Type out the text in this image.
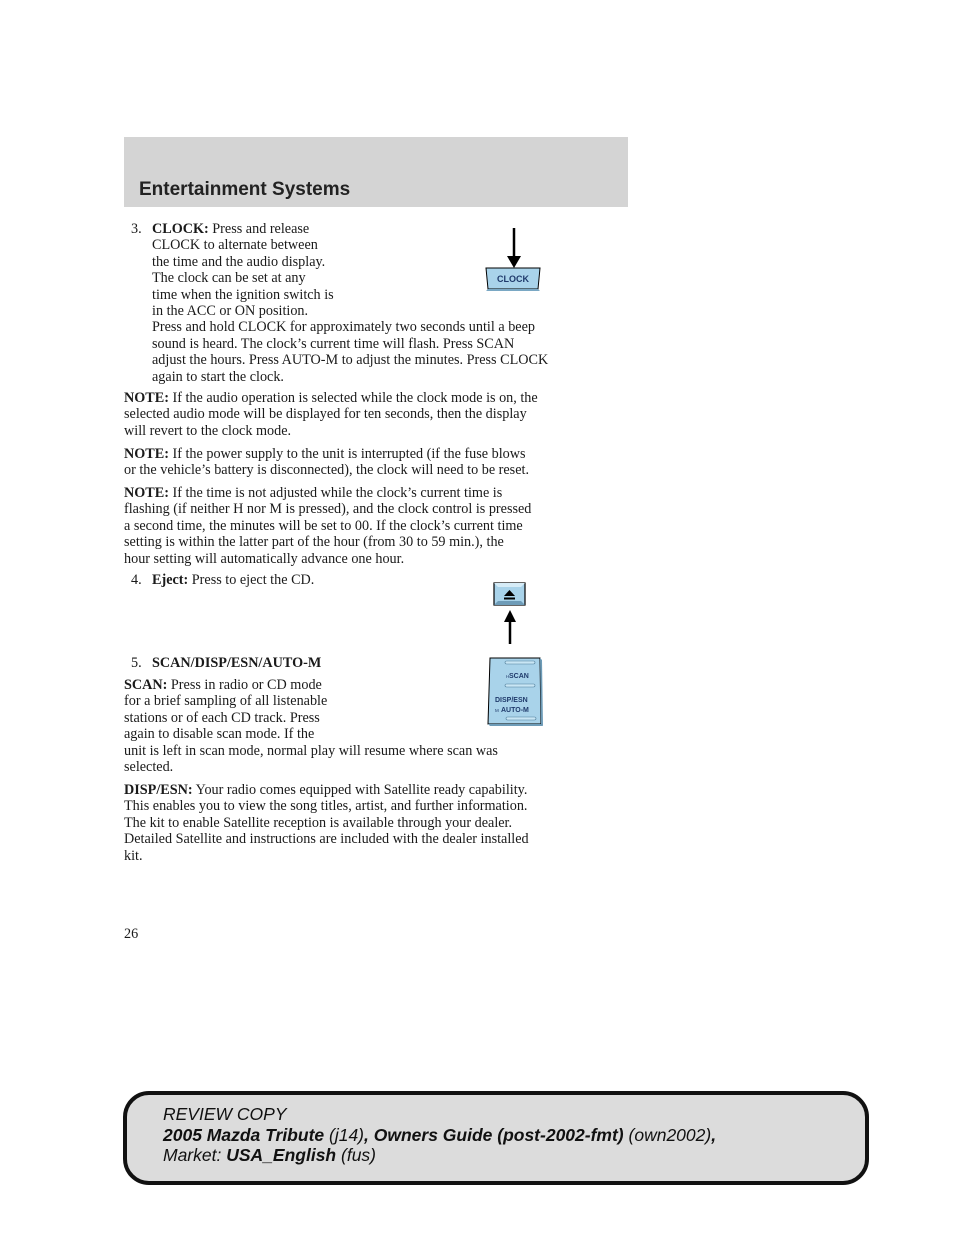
Entertainment Systems
3. CLOCK: Press and release
CLOCK to alternate between
the time and the audio display.
The clock can be set at any
time when the ignition switch is
in the ACC or ON position.
Press and hold CLOCK for approximately two seconds until a beep
sound is heard. The clock’s current time will flash. Press SCAN
adjust the hours. Press AUTO-M to adjust the minutes. Press CLOCK
again to start the clock.

CLOCK

NOTE: If the audio operation is selected while the clock mode is on, the
selected audio mode will be displayed for ten seconds, then the display
will revert to the clock mode.

NOTE: If the power supply to the unit is interrupted (if the fuse blows
or the vehicle’s battery is disconnected), the clock will need to be reset.

NOTE: If the time is not adjusted while the clock’s current time is
flashing (if neither H nor M is pressed), and the clock control is pressed
a second time, the minutes will be set to 00. If the clock’s current time
setting is within the latter part of the hour (from 30 to 59 min.), the
hour setting will automatically advance one hour.

4. Eject: Press to eject the CD.

5. SCAN/DISP/ESN/AUTO-M

SCAN: Press in radio or CD mode
for a brief sampling of all listenable
stations or of each CD track. Press
again to disable scan mode. If the
unit is left in scan mode, normal play will resume where scan was
selected.

H SCAN
DISP/ESN
M AUTO-M

DISP/ESN: Your radio comes equipped with Satellite ready capability.
This enables you to view the song titles, artist, and further information.
The kit to enable Satellite reception is available through your dealer.
Detailed Satellite and instructions are included with the dealer installed
kit.

26
REVIEW COPY
2005 Mazda Tribute (j14), Owners Guide (post-2002-fmt) (own2002),
Market: USA_English (fus)
